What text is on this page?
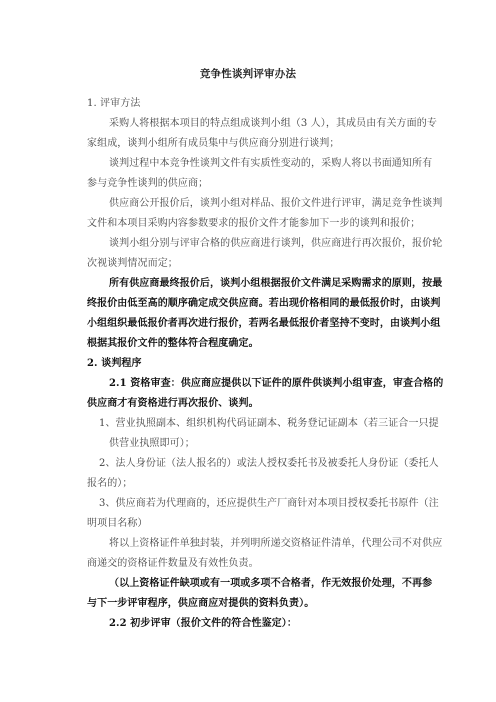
竞争性谈判评审办法
1. 评审方法
采购人将根据本项目的特点组成谈判小组（3 人），其成员由有关方面的专
家组成，谈判小组所有成员集中与供应商分别进行谈判；
谈判过程中本竞争性谈判文件有实质性变动的，采购人将以书面通知所有
参与竞争性谈判的供应商；
供应商公开报价后，谈判小组对样品、报价文件进行评审，满足竞争性谈判
文件和本项目采购内容参数要求的报价文件才能参加下一步的谈判和报价；
谈判小组分别与评审合格的供应商进行谈判，供应商进行再次报价，报价轮
次视谈判情况而定；
所有供应商最终报价后，谈判小组根据报价文件满足采购需求的原则，按最
终报价由低至高的顺序确定成交供应商。若出现价格相同的最低报价时，由谈判
小组组织最低报价者再次进行报价，若两名最低报价者坚持不变时，由谈判小组
根据其报价文件的整体符合程度确定。
2. 谈判程序
2.1 资格审查：供应商应提供以下证件的原件供谈判小组审查，审查合格的
供应商才有资格进行再次报价、谈判。
1、营业执照副本、组织机构代码证副本、税务登记证副本（若三证合一只提
供营业执照即可）；
2、法人身份证（法人报名的）或法人授权委托书及被委托人身份证（委托人
报名的）；
3、供应商若为代理商的，还应提供生产厂商针对本项目授权委托书原件（注
明项目名称）
将以上资格证件单独封装，并列明所递交资格证件清单，代理公司不对供应
商递交的资格证件数量及有效性负责。
（以上资格证件缺项或有一项或多项不合格者，作无效报价处理，不再参
与下一步评审程序，供应商应对提供的资料负责）。
2.2 初步评审（报价文件的符合性鉴定）：
